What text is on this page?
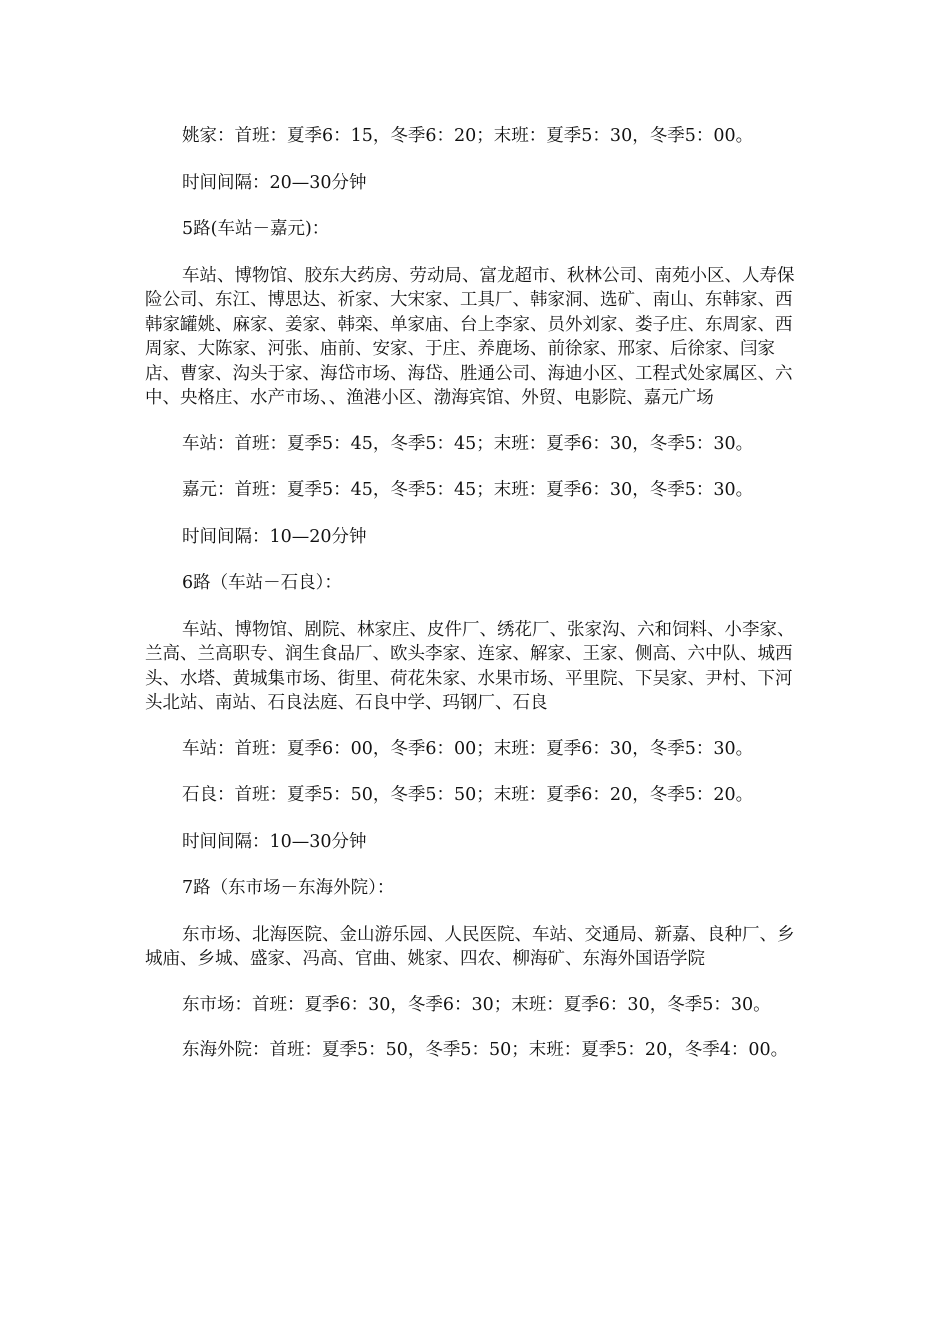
姚家：首班：夏季6：15，冬季6：20；末班：夏季5：30，冬季5：00。

时间间隔：20—30分钟

5路(车站－嘉元)：

车站、博物馆、胶东大药房、劳动局、富龙超市、秋林公司、南苑小区、人寿保险公司、东江、博思达、祈家、大宋家、工具厂、韩家洞、选矿、南山、东韩家、西韩家罐姚、麻家、姜家、韩栾、单家庙、台上李家、员外刘家、娄子庄、东周家、西周家、大陈家、河张、庙前、安家、于庄、养鹿场、前徐家、邢家、后徐家、闫家店、曹家、沟头于家、海岱市场、海岱、胜通公司、海迪小区、工程式处家属区、六中、央格庄、水产市场、、渔港小区、渤海宾馆、外贸、电影院、嘉元广场

车站：首班：夏季5：45，冬季5：45；末班：夏季6：30，冬季5：30。

嘉元：首班：夏季5：45，冬季5：45；末班：夏季6：30，冬季5：30。

时间间隔：10—20分钟

6路（车站－石良）：

车站、博物馆、剧院、林家庄、皮件厂、绣花厂、张家沟、六和饲料、小李家、兰高、兰高职专、润生食品厂、欧头李家、连家、解家、王家、侧高、六中队、城西头、水塔、黄城集市场、街里、荷花朱家、水果市场、平里院、下吴家、尹村、下河头北站、南站、石良法庭、石良中学、玛钢厂、石良

车站：首班：夏季6：00，冬季6：00；末班：夏季6：30，冬季5：30。

石良：首班：夏季5：50，冬季5：50；末班：夏季6：20，冬季5：20。

时间间隔：10—30分钟

7路（东市场－东海外院）：

东市场、北海医院、金山游乐园、人民医院、车站、交通局、新嘉、良种厂、乡城庙、乡城、盛家、冯高、官曲、姚家、四农、柳海矿、东海外国语学院

东市场：首班：夏季6：30，冬季6：30；末班：夏季6：30，冬季5：30。

东海外院：首班：夏季5：50，冬季5：50；末班：夏季5：20，冬季4：00。
